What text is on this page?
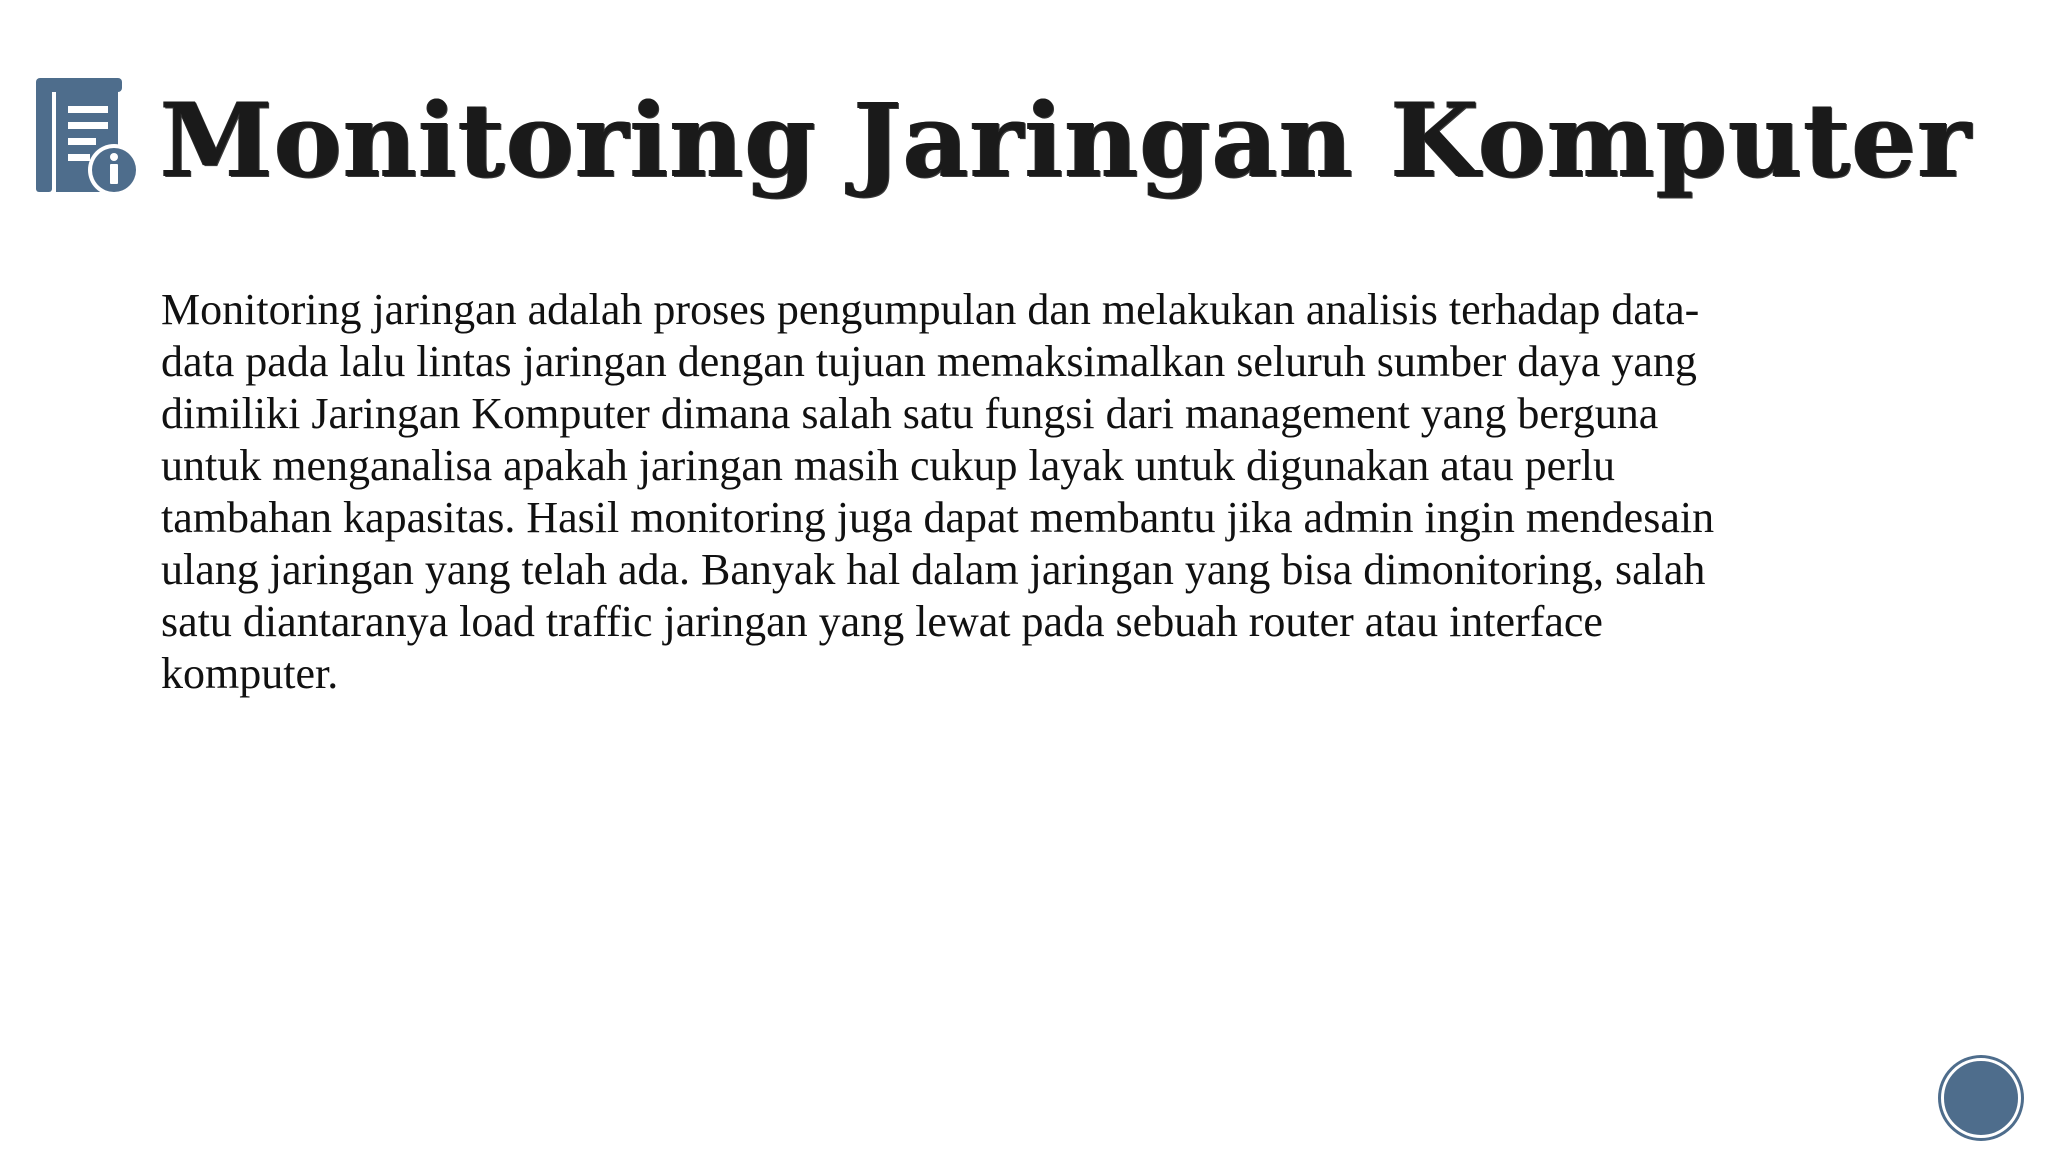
Monitoring Jaringan Komputer

Monitoring jaringan adalah proses pengumpulan dan melakukan analisis terhadap data-
data pada lalu lintas jaringan dengan tujuan memaksimalkan seluruh sumber daya yang
dimiliki Jaringan Komputer dimana salah satu fungsi dari management yang berguna
untuk menganalisa apakah jaringan masih cukup layak untuk digunakan atau perlu
tambahan kapasitas. Hasil monitoring juga dapat membantu jika admin ingin mendesain
ulang jaringan yang telah ada. Banyak hal dalam jaringan yang bisa dimonitoring, salah
satu diantaranya load traffic jaringan yang lewat pada sebuah router atau interface
komputer.
